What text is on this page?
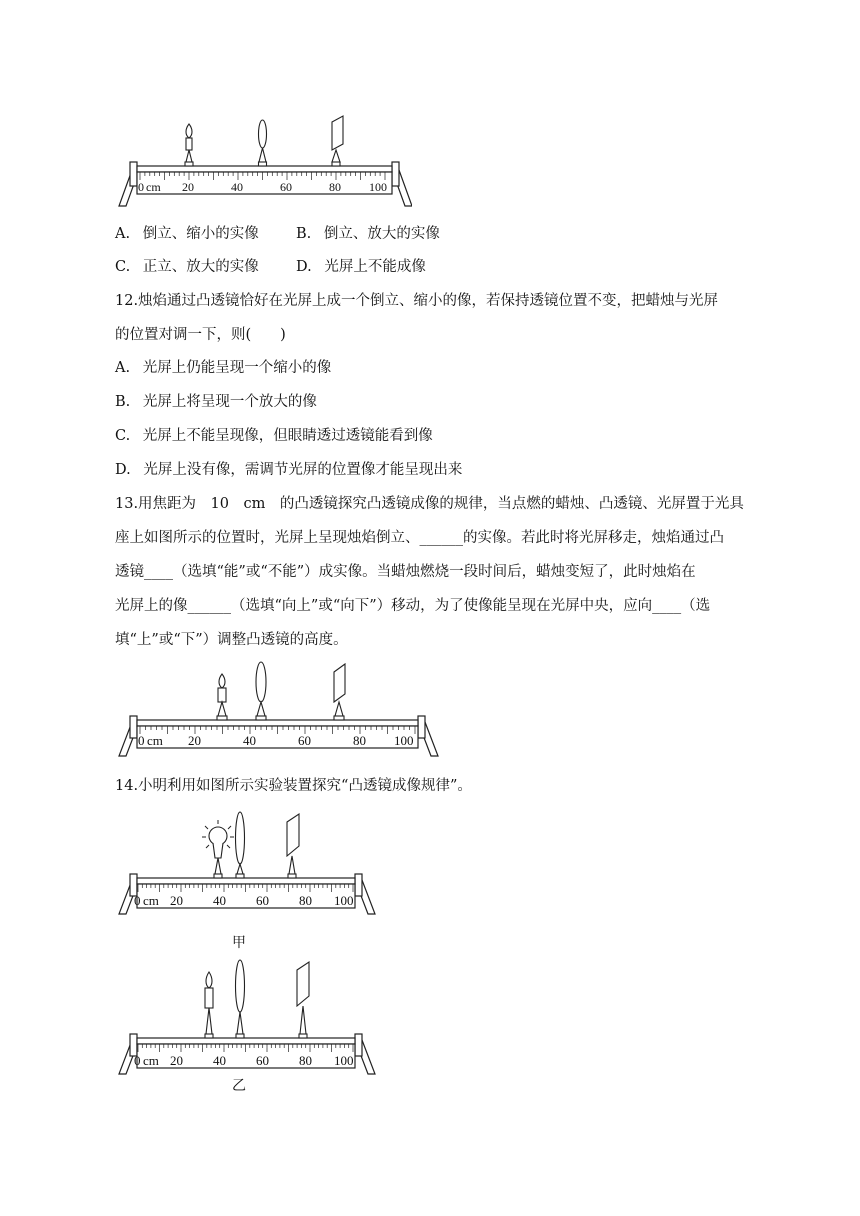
0 cm 20	40	60	80 100
A. 倒立、缩小的实像	B. 倒立、放大的实像
C. 正立、放大的实像	D. 光屏上不能成像
12.烛焰通过凸透镜恰好在光屏上成一个倒立、缩小的像，若保持透镜位置不变，把蜡烛与光屏
的位置对调一下，则(　　)
A. 光屏上仍能呈现一个缩小的像
B. 光屏上将呈现一个放大的像
C. 光屏上不能呈现像，但眼睛透过透镜能看到像
D. 光屏上没有像，需调节光屏的位置像才能呈现出来
13.用焦距为　10　cm　的凸透镜探究凸透镜成像的规律，当点燃的蜡烛、凸透镜、光屏置于光具
座上如图所示的位置时，光屏上呈现烛焰倒立、______的实像。若此时将光屏移走，烛焰通过凸
透镜____（选填“能”或“不能”）成实像。当蜡烛燃烧一段时间后，蜡烛变短了，此时烛焰在
光屏上的像______（选填“向上”或“向下”）移动，为了使像能呈现在光屏中央，应向____（选
填“上”或“下”）调整凸透镜的高度。
0 cm 20	40	60	80 100
14.小明利用如图所示实验装置探究“凸透镜成像规律”。
0 cm 20 40 60 80 100
甲
0 cm 20 40 60 80 100
乙
